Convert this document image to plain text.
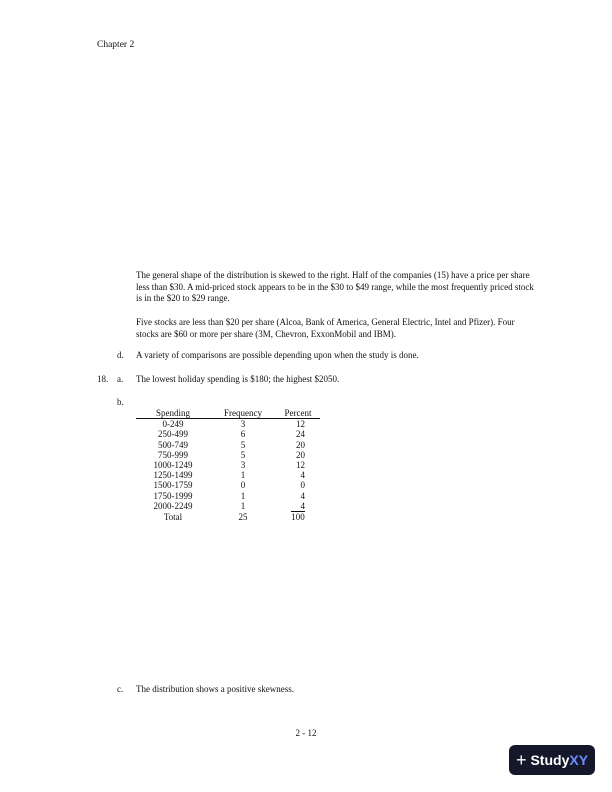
Chapter 2
The general shape of the distribution is skewed to the right. Half of the companies (15) have a price per share less than $30. A mid-priced stock appears to be in the $30 to $49 range, while the most frequently priced stock is in the $20 to $29 range.
Five stocks are less than $20 per share (Alcoa, Bank of America, General Electric, Intel and Pfizer). Four stocks are $60 or more per share (3M, Chevron, ExxonMobil and IBM).
d. A variety of comparisons are possible depending upon when the study is done.
18. a. The lowest holiday spending is $180; the highest $2050.
b.
Spending	Frequency	Percent
0-249	3	12
250-499	6	24
500-749	5	20
750-999	5	20
1000-1249	3	12
1250-1499	1	4
1500-1759	0	0
1750-1999	1	4
2000-2249	1	4
Total	25	100
c. The distribution shows a positive skewness.
2 - 12
+ StudyXY
